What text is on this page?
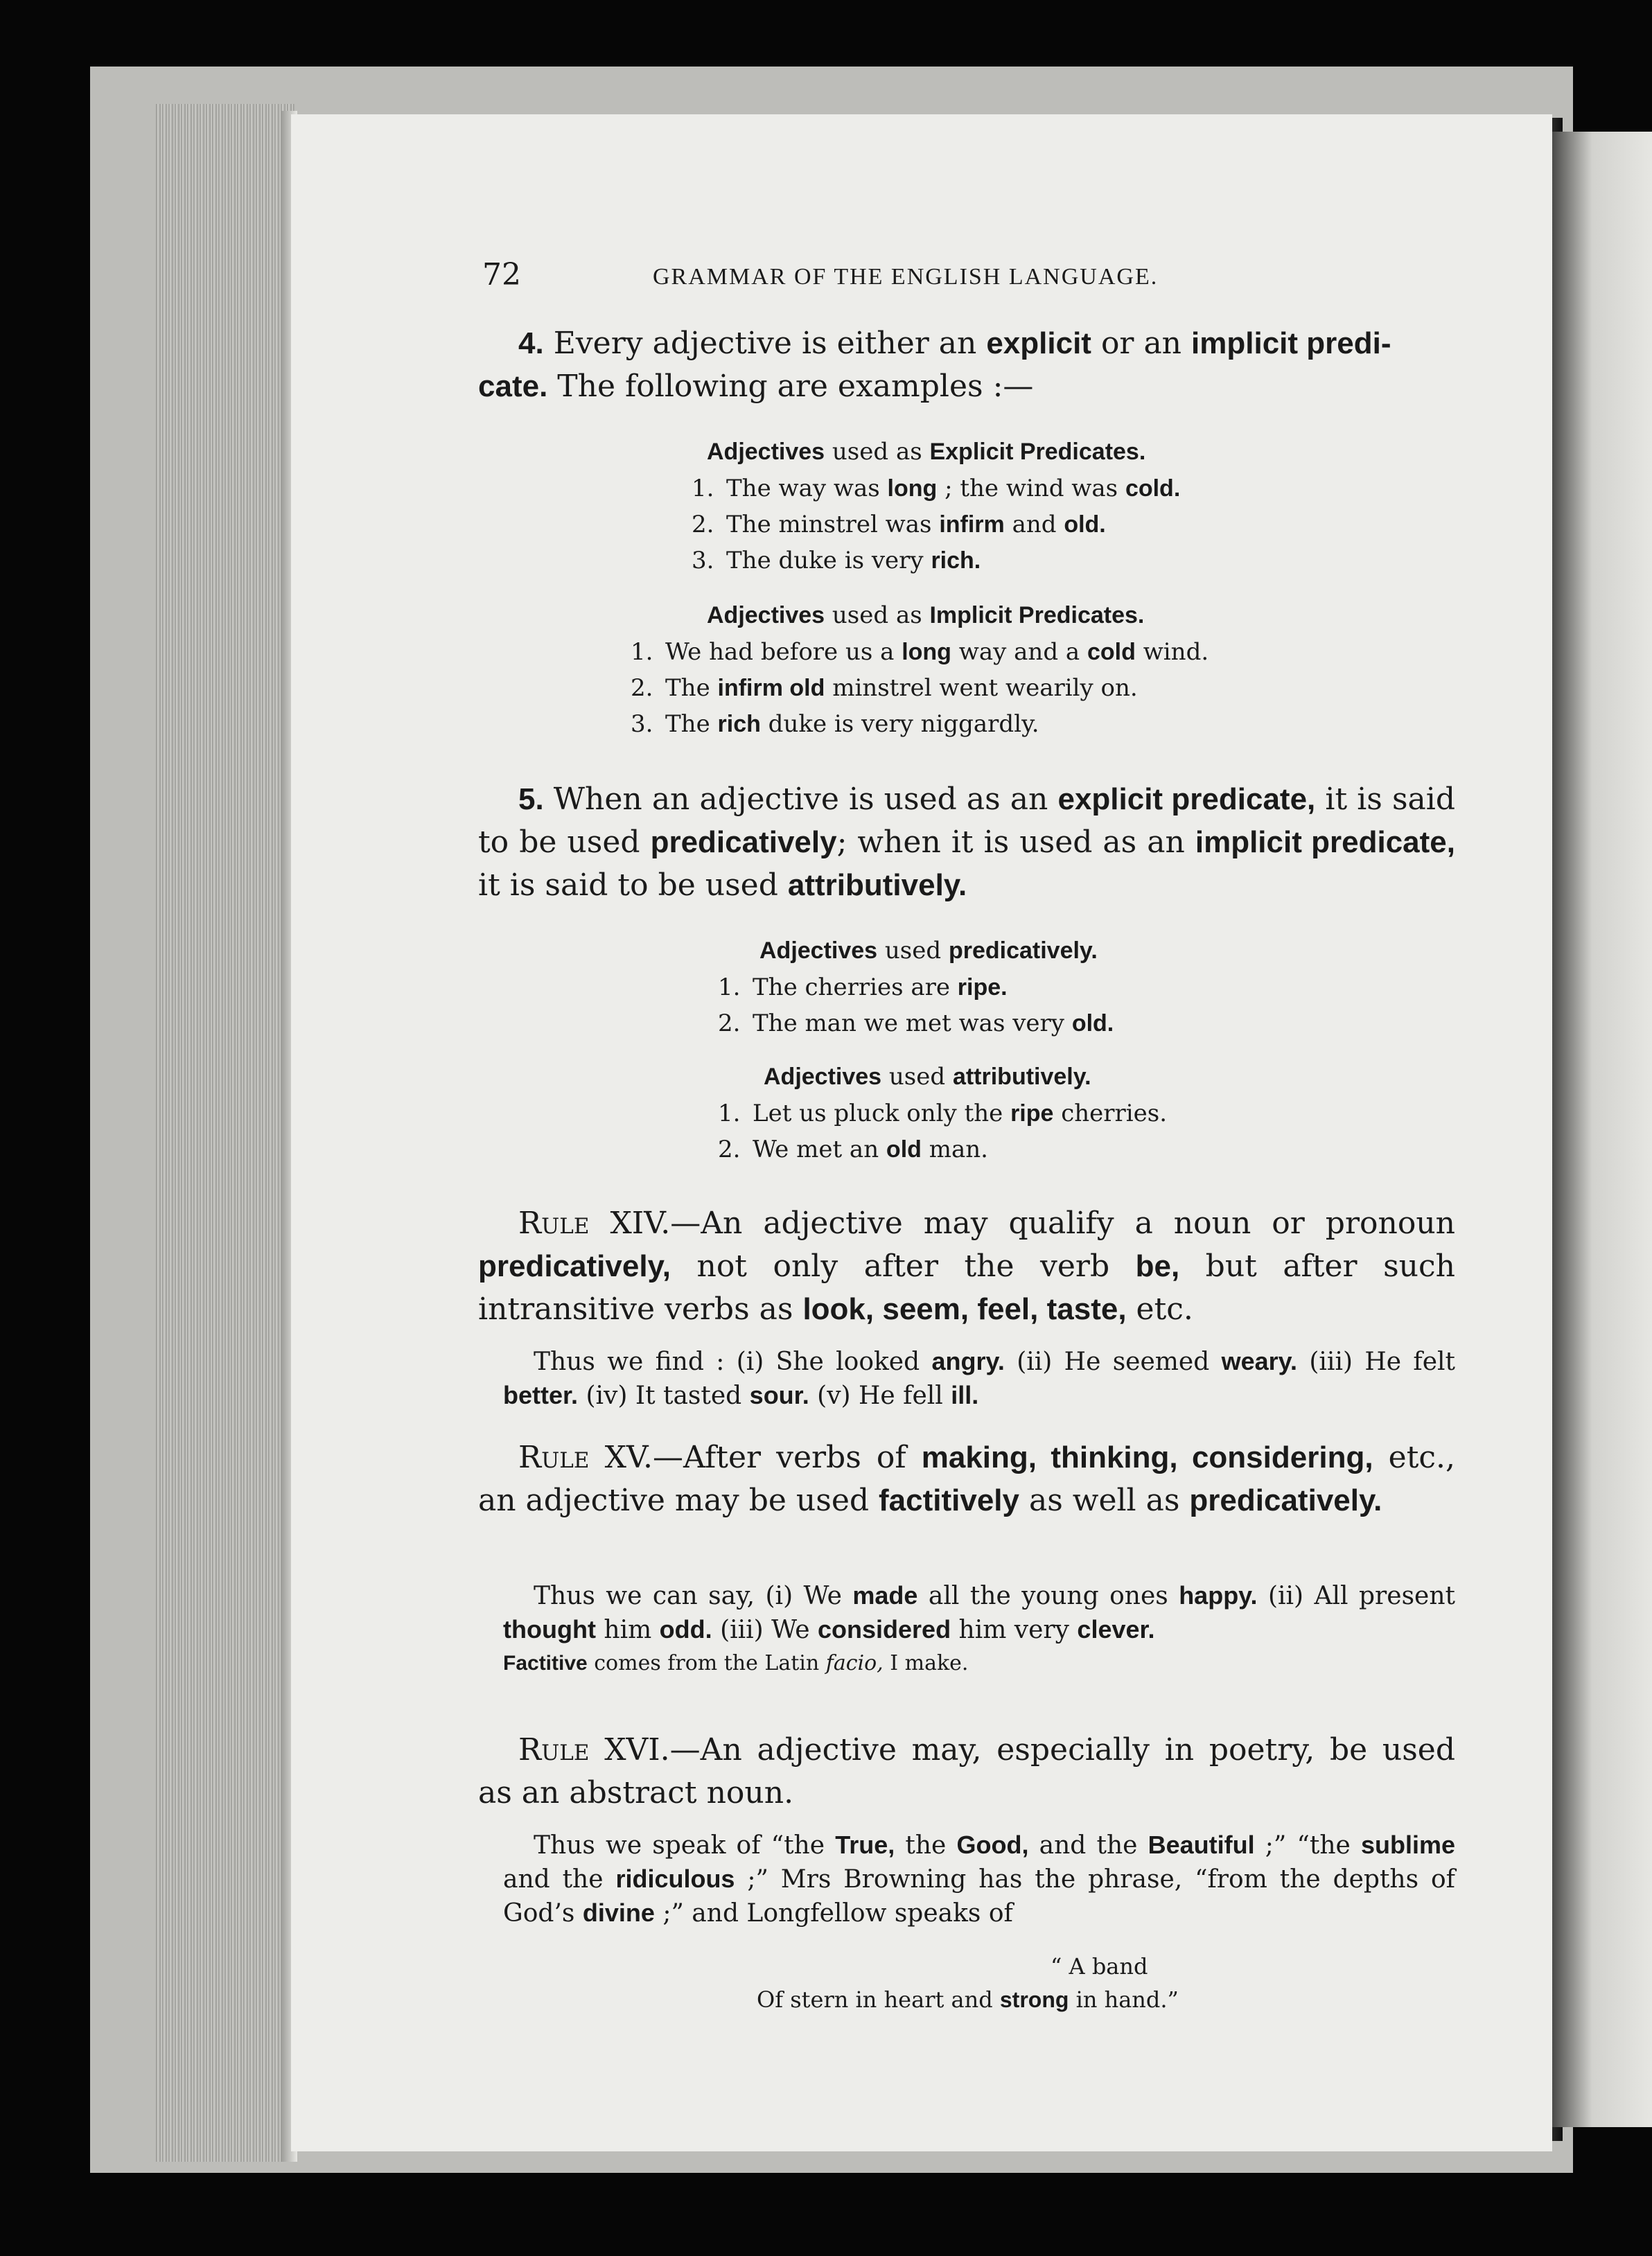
72	GRAMMAR OF THE ENGLISH LANGUAGE.

4. Every adjective is either an explicit or an implicit predi-
cate. The following are examples :—

Adjectives used as Explicit Predicates.
1. The way was long ; the wind was cold.
2. The minstrel was infirm and old.
3. The duke is very rich.
Adjectives used as Implicit Predicates.
1. We had before us a long way and a cold wind.
2. The infirm old minstrel went wearily on.
3. The rich duke is very niggardly.

5. When an adjective is used as an explicit predicate, it is said to be used predicatively; when it is used as an implicit predicate, it is said to be used attributively.

Adjectives used predicatively.
1. The cherries are ripe.
2. The man we met was very old.
Adjectives used attributively.
1. Let us pluck only the ripe cherries.
2. We met an old man.

Rule XIV.—An adjective may qualify a noun or pronoun predicatively, not only after the verb be, but after such intransitive verbs as look, seem, feel, taste, etc.

Thus we find : (i) She looked angry. (ii) He seemed weary. (iii) He felt better. (iv) It tasted sour. (v) He fell ill.

Rule XV.—After verbs of making, thinking, considering, etc., an adjective may be used factitively as well as predicatively.

Thus we can say, (i) We made all the young ones happy. (ii) All present thought him odd. (iii) We considered him very clever.

Factitive comes from the Latin facio, I make.

Rule XVI.—An adjective may, especially in poetry, be used as an abstract noun.

Thus we speak of “the True, the Good, and the Beautiful ;” “the sublime and the ridiculous ;” Mrs Browning has the phrase, “from the depths of God’s divine ;” and Longfellow speaks of

“ A band
Of stern in heart and strong in hand.”
